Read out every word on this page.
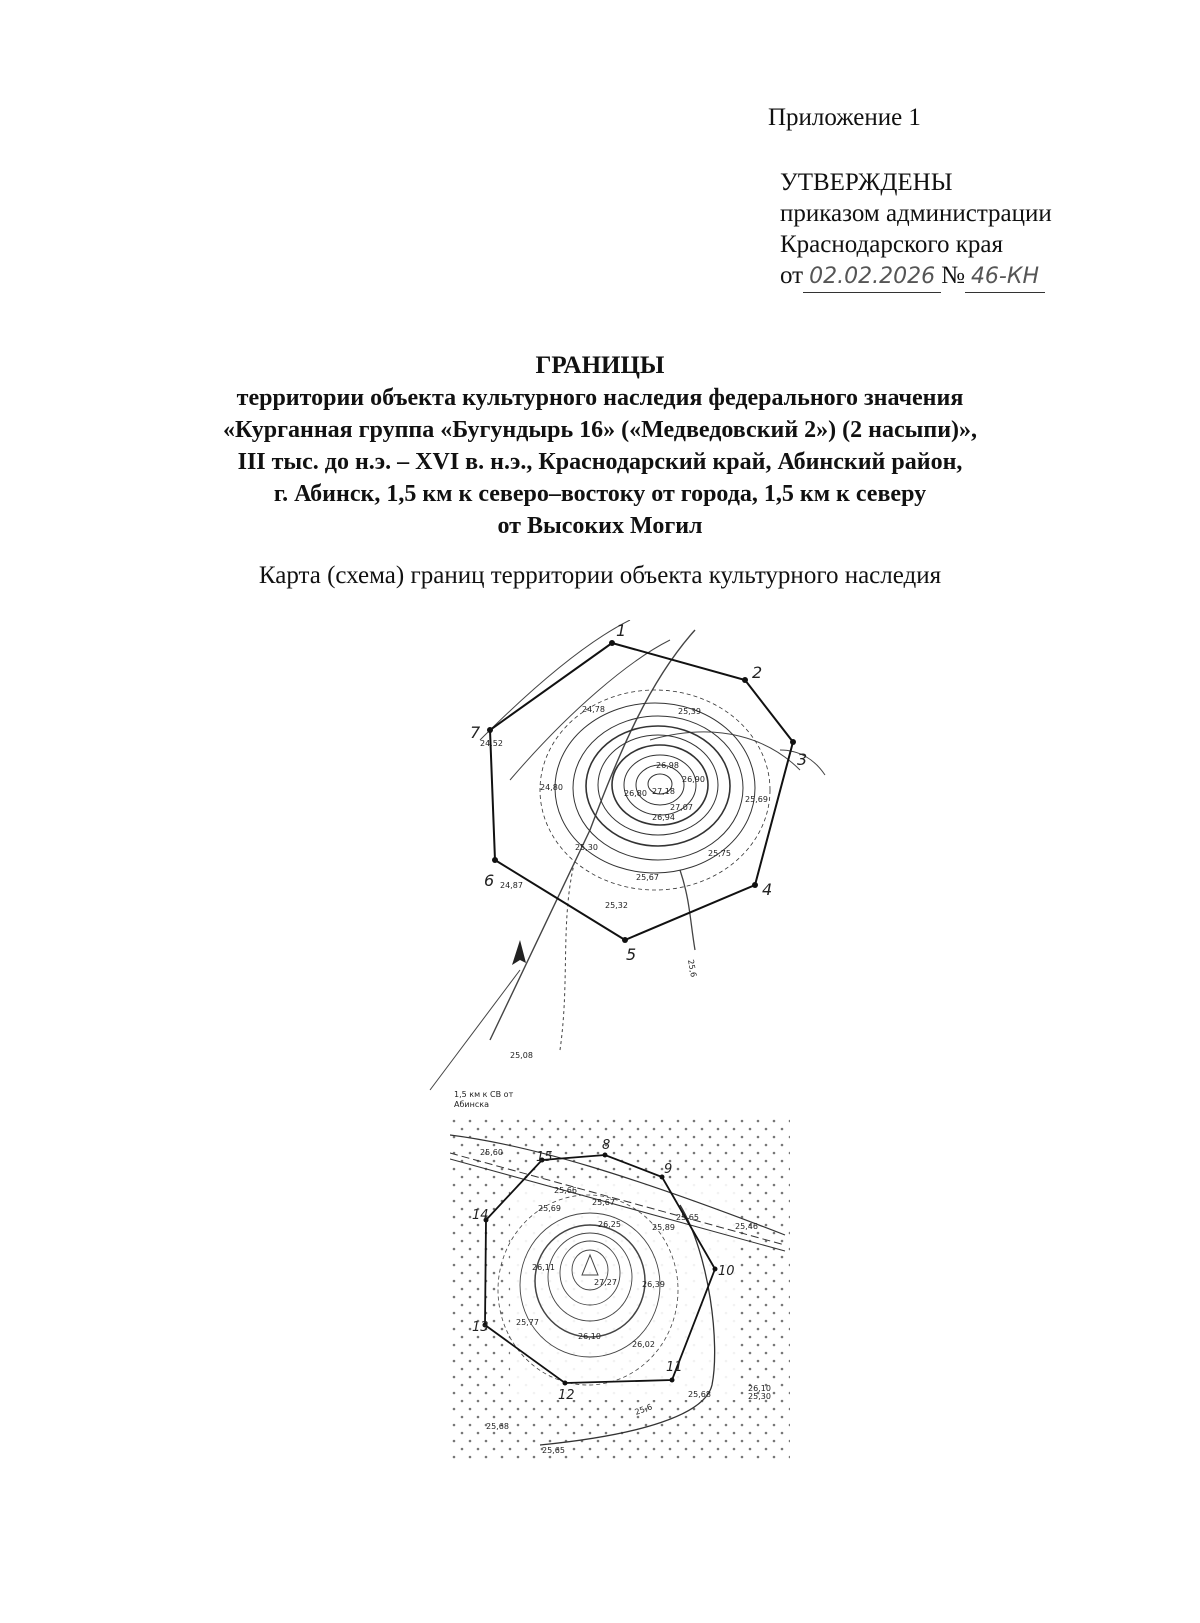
Приложение 1
УТВЕРЖДЕНЫ
приказом администрации
Краснодарского края
от 02.02.2026 № 46-КН
ГРАНИЦЫ
территории объекта культурного наследия федерального значения
«Курганная группа «Бугундырь 16» («Медведовский 2») (2 насыпи)»,
III тыс. до н.э. – XVI в. н.э., Краснодарский край, Абинский район,
г. Абинск, 1,5 км к северо–востоку от города, 1,5 км к северу
от Высоких Могил
Карта (схема) границ территории объекта культурного наследия
1
2
3
4
5
6
7
24,78	25,39
24,52
24,80
26,98
26,90
26,80 27,18
27,07
26,94
25,69
25,30
25,75
24,87
25,67
25,32
25,08
25,6
1,5 км к СВ от
Абинска
8
9
10
11
12
13
14
15
25,60
25,66
25,67
25,69
26,25	25,89
25,65
25,46
26,11
27,27	26,39
25,77
26,10
26,02
25,68
25,68
25,65
25,6
26,10
25,30
